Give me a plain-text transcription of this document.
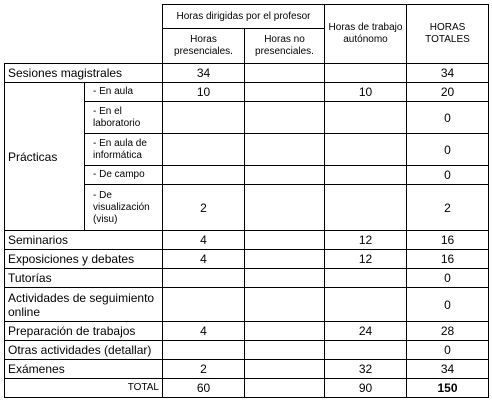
		Horas dirigidas por el profesor		Horas de trabajo autónomo	HORAS TOTALES
		Horas presenciales.	Horas no presenciales.		
Sesiones magistrales		34			34
Prácticas	- En aula	10		10	20
	- En el laboratorio				0
	- En aula de informática				0
	- De campo				0
	- De visualización (visu)	2			2
Seminarios		4		12	16
Exposiciones y debates		4		12	16
Tutorías					0
Actividades de seguimiento online					0
Preparación de trabajos		4		24	28
Otras actividades (detallar)					0
Exámenes		2		32	34
TOTAL		60		90	150
